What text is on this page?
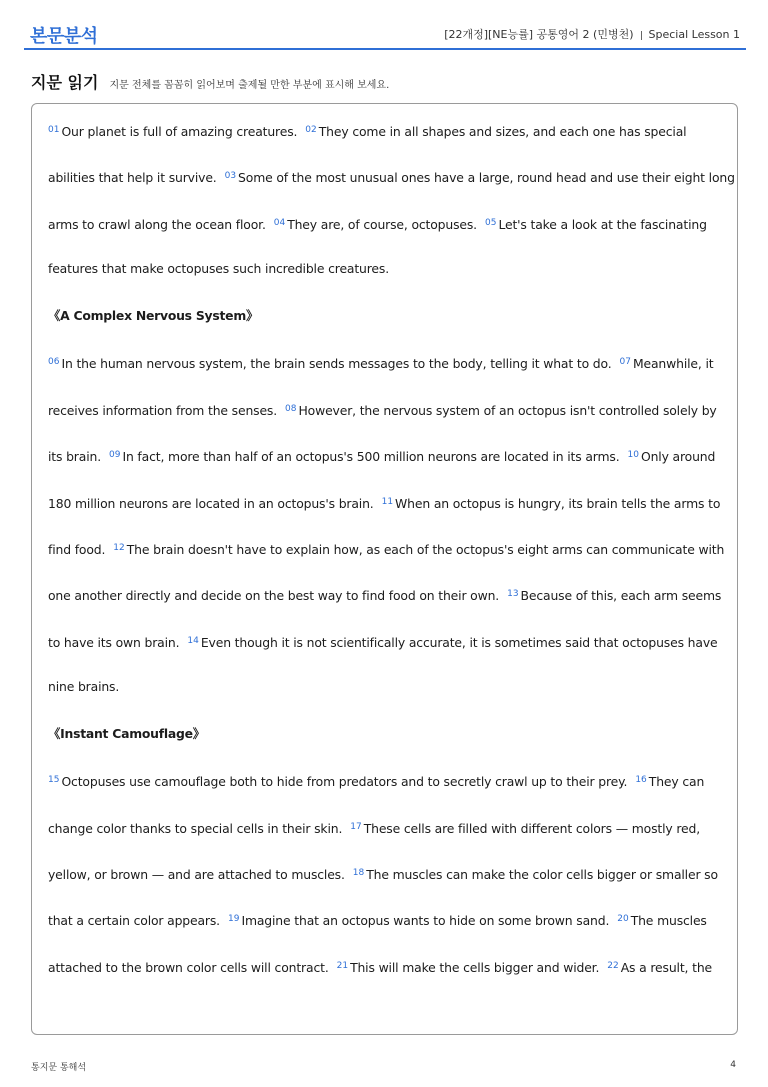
본문분석	[22개정][NE능률] 공통영어 2 (민병천) Special Lesson 1
지문 읽기 지문 전체를 꼼꼼히 읽어보며 출제될 만한 부분에 표시해 보세요.
$^{01}$ Our planet is full of amazing creatures. $^{02}$ They come in all shapes and sizes, and each one has special
abilities that help it survive. $^{03}$ Some of the most unusual ones have a large, round head and use their eight long
arms to crawl along the ocean floor. $^{04}$ They are, of course, octopuses. $^{05}$ Let's take a look at the fascinating
features that make octopuses such incredible creatures.
《A Complex Nervous System》
$^{06}$ In the human nervous system, the brain sends messages to the body, telling it what to do. $^{07}$ Meanwhile, it
receives information from the senses. $^{08}$ However, the nervous system of an octopus isn't controlled solely by
its brain. $^{09}$ In fact, more than half of an octopus's 500 million neurons are located in its arms. $^{10}$ Only around
180 million neurons are located in an octopus's brain. $^{11}$ When an octopus is hungry, its brain tells the arms to
find food. $^{12}$ The brain doesn't have to explain how, as each of the octopus's eight arms can communicate with
one another directly and decide on the best way to find food on their own. $^{13}$ Because of this, each arm seems
to have its own brain. $^{14}$ Even though it is not scientifically accurate, it is sometimes said that octopuses have
nine brains.
《Instant Camouflage》
$^{15}$ Octopuses use camouflage both to hide from predators and to secretly crawl up to their prey. $^{16}$ They can
change color thanks to special cells in their skin. $^{17}$ These cells are filled with different colors — mostly red,
yellow, or brown — and are attached to muscles. $^{18}$ The muscles can make the color cells bigger or smaller so
that a certain color appears. $^{19}$ Imagine that an octopus wants to hide on some brown sand. $^{20}$ The muscles
attached to the brown color cells will contract. $^{21}$ This will make the cells bigger and wider. $^{22}$ As a result, the
통지문 통해석	4
